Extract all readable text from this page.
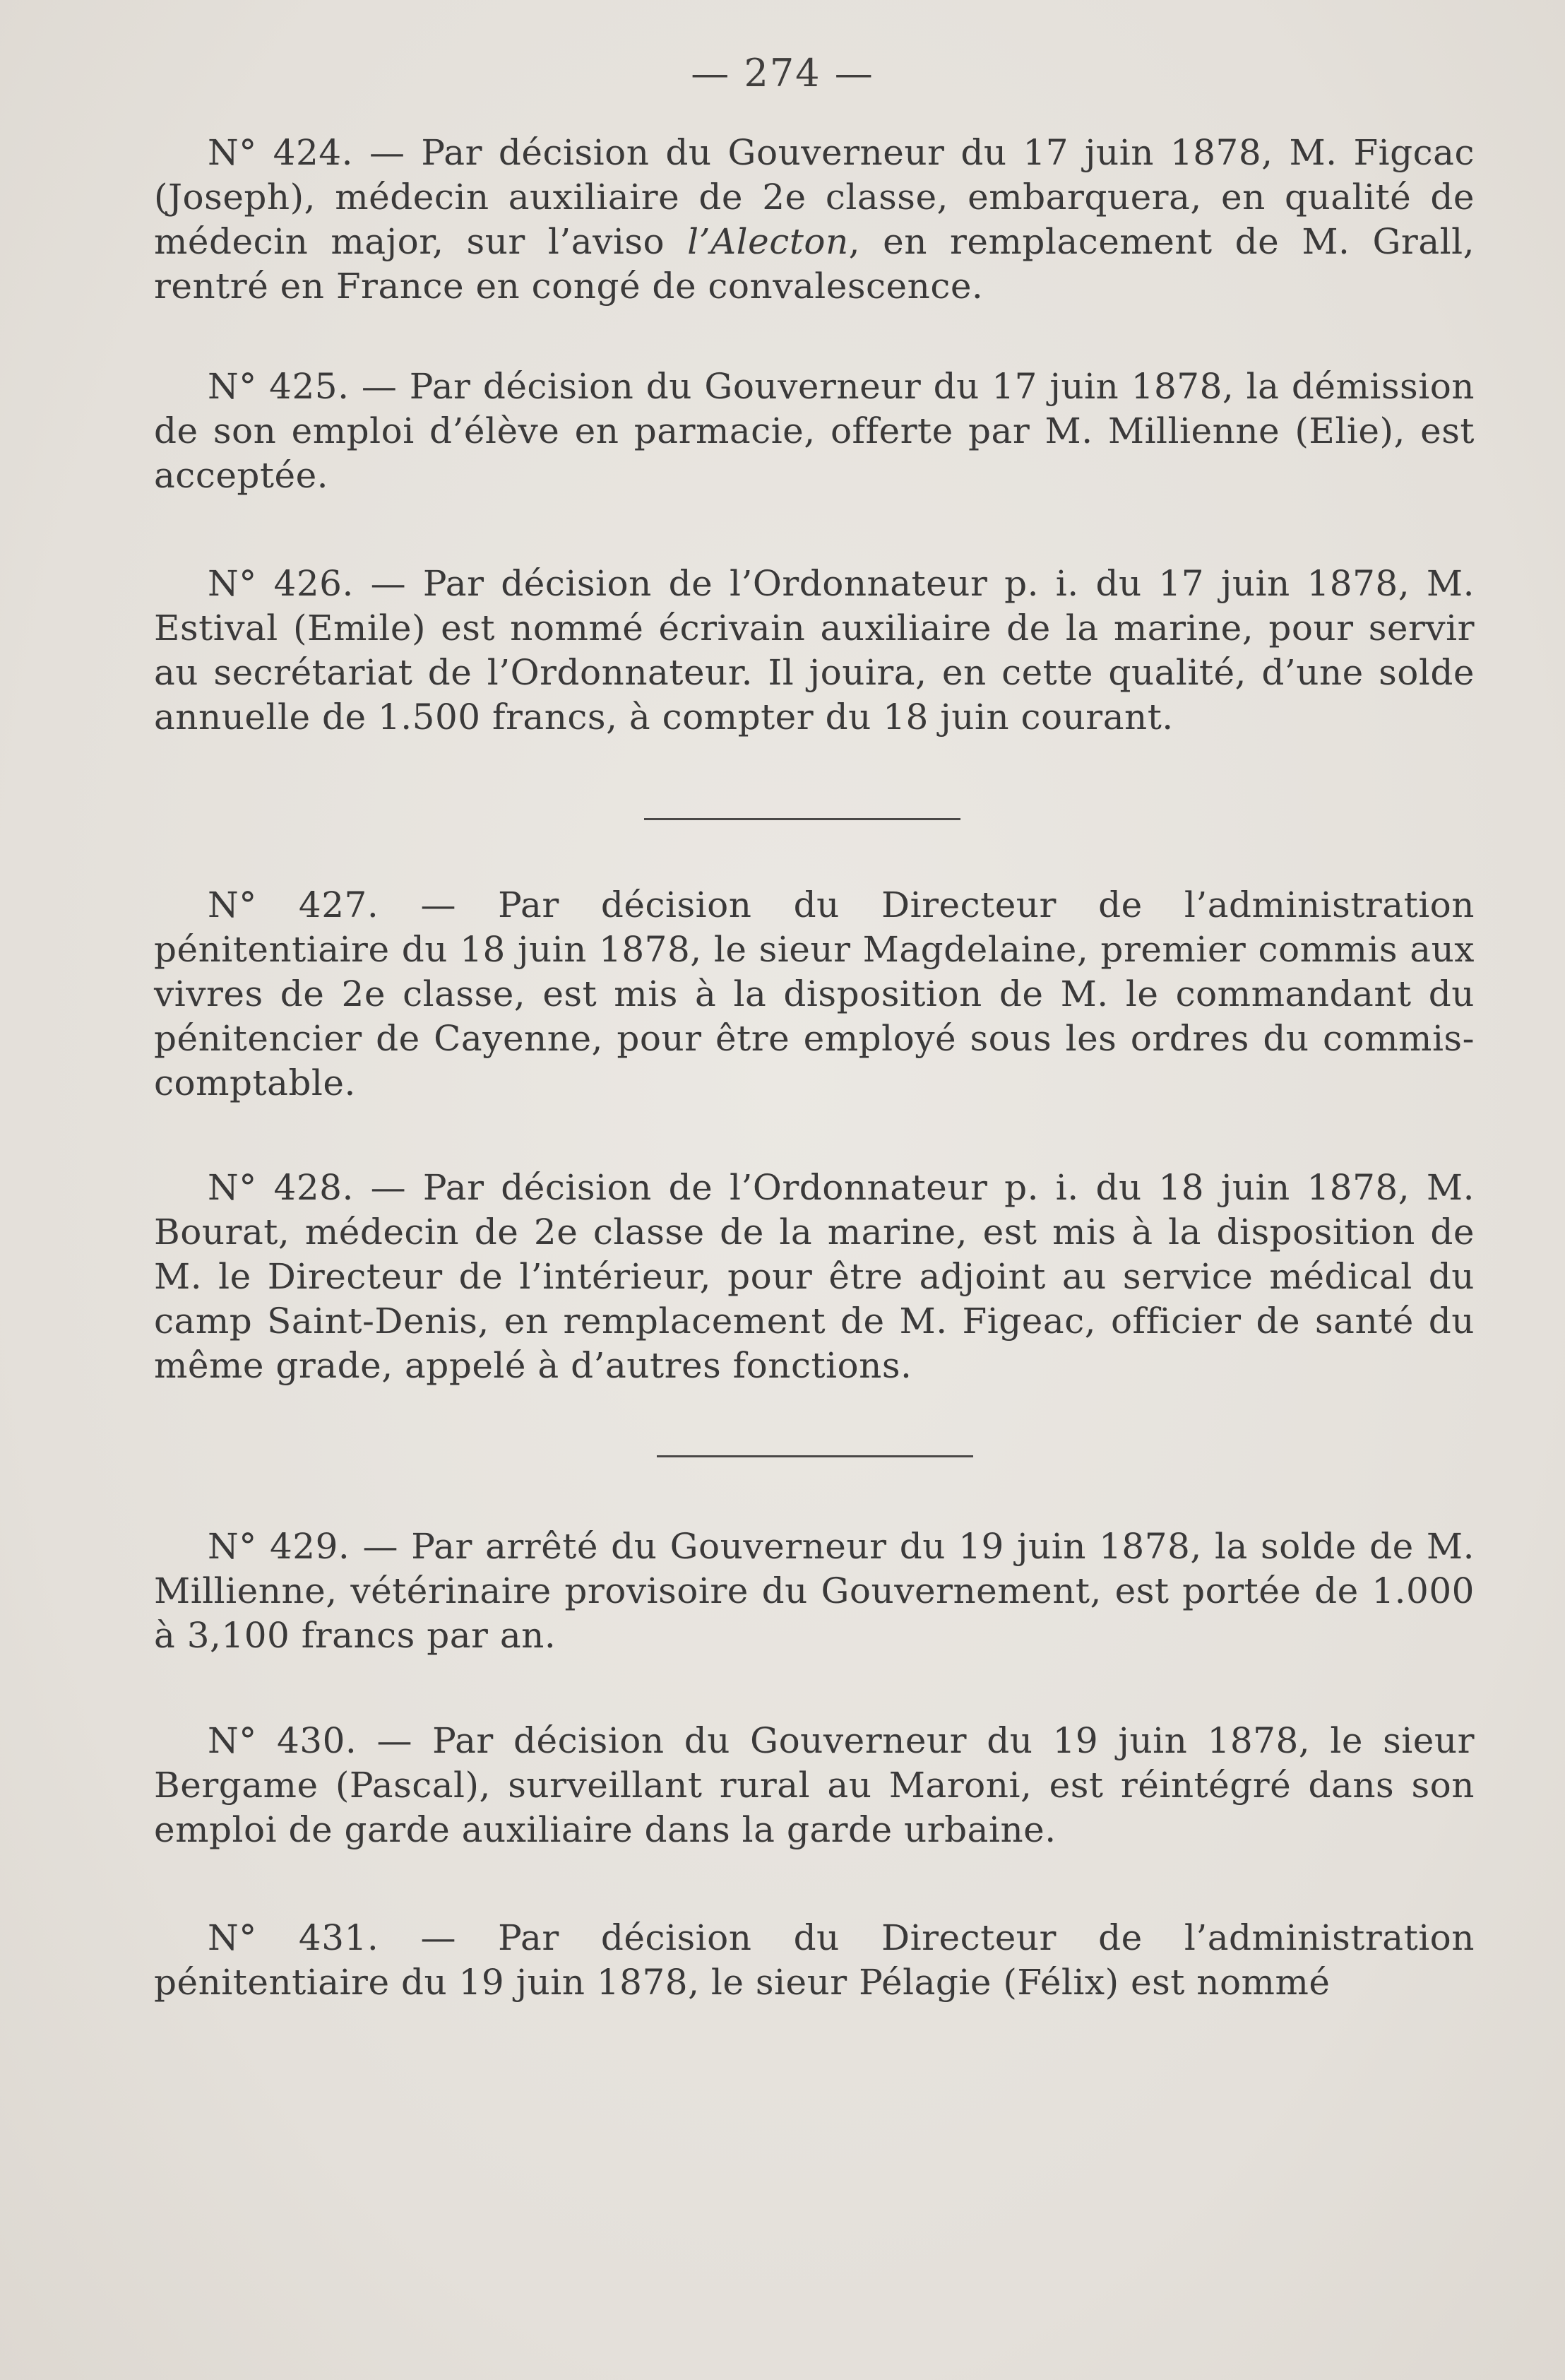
— 274 —
N° 424. — Par décision du Gouverneur du 17 juin 1878, M. Figcac (Joseph), médecin auxiliaire de 2e classe, embarquera, en qualité de médecin major, sur l’aviso l’Alecton, en remplacement de M. Grall, rentré en France en congé de convalescence.
N° 425. — Par décision du Gouverneur du 17 juin 1878, la démission de son emploi d’élève en parmacie, offerte par M. Millienne (Elie), est acceptée.
N° 426. — Par décision de l’Ordonnateur p. i. du 17 juin 1878, M. Estival (Emile) est nommé écrivain auxiliaire de la marine, pour servir au secrétariat de l’Ordonnateur. Il jouira, en cette qualité, d’une solde annuelle de 1.500 francs, à compter du 18 juin courant.
N° 427. — Par décision du Directeur de l’administration pénitentiaire du 18 juin 1878, le sieur Magdelaine, premier commis aux vivres de 2e classe, est mis à la disposition de M. le commandant du pénitencier de Cayenne, pour être employé sous les ordres du commis-comptable.
N° 428. — Par décision de l’Ordonnateur p. i. du 18 juin 1878, M. Bourat, médecin de 2e classe de la marine, est mis à la disposition de M. le Directeur de l’intérieur, pour être adjoint au service médical du camp Saint-Denis, en remplacement de M. Figeac, officier de santé du même grade, appelé à d’autres fonctions.
N° 429. — Par arrêté du Gouverneur du 19 juin 1878, la solde de M. Millienne, vétérinaire provisoire du Gouvernement, est portée de 1.000 à 3,100 francs par an.
N° 430. — Par décision du Gouverneur du 19 juin 1878, le sieur Bergame (Pascal), surveillant rural au Maroni, est réintégré dans son emploi de garde auxiliaire dans la garde urbaine.
N° 431. — Par décision du Directeur de l’administration pénitentiaire du 19 juin 1878, le sieur Pélagie (Félix) est nommé
